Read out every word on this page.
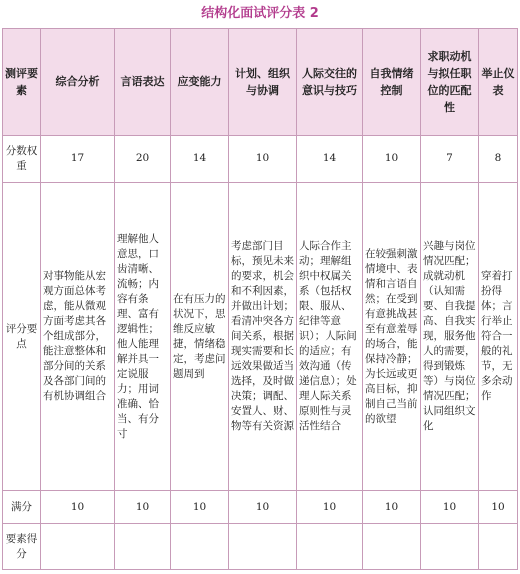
结构化面试评分表 2
测评要素	综合分析	言语表达	应变能力	计划、组织与协调	人际交往的意识与技巧	自我情绪控制	求职动机与拟任职位的匹配性	举止仪表
分数权重	17	20	14	10	14	10	7	8
评分要点	对事物能从宏观方面总体考虑，能从微观方面考虑其各个组成部分，能注意整体和部分间的关系及各部门间的有机协调组合	理解他人意思，口齿清晰、流畅；内容有条理、富有逻辑性；他人能理解并具一定说服力；用词准确、恰当、有分寸	在有压力的状况下，思维反应敏捷，情绪稳定，考虑问题周到	考虑部门目标，预见未来的要求，机会和不利因素，并做出计划；看清冲突各方间关系，根据现实需要和长远效果做适当选择，及时做决策；调配、安置人、财、物等有关资源	人际合作主动；理解组织中权属关系（包括权限、服从、纪律等意识）；人际间的适应；有效沟通（传递信息）；处理人际关系原则性与灵活性结合	在较强刺激情境中、表情和言语自然；在受到有意挑战甚至有意羞辱的场合，能保持冷静；为长远或更高目标，抑制自己当前的欲望	兴趣与岗位情况匹配；成就动机（认知需要、自我提高、自我实现，服务他人的需要，得到锻炼等）与岗位情况匹配；认同组织文化	穿着打扮得体；言行举止符合一般的礼节，无多余动作
满分	10	10	10	10	10	10	10	10
要素得分								
